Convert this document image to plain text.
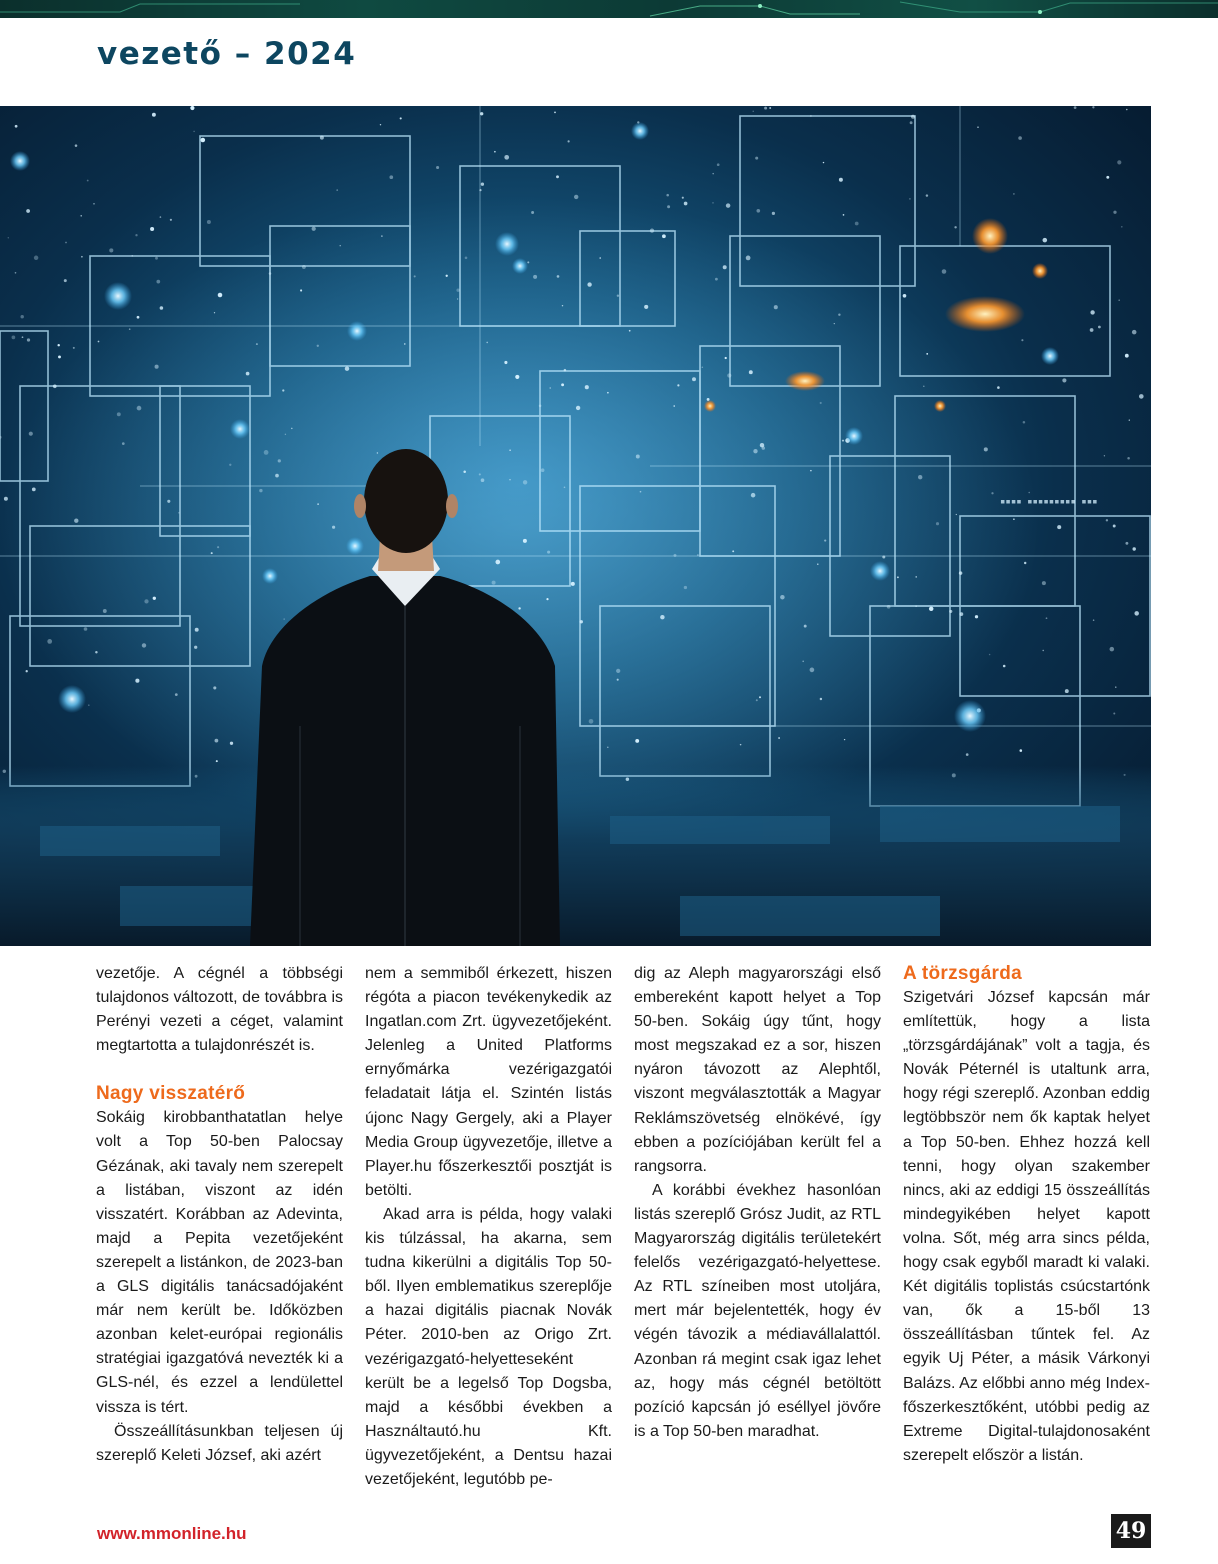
vezető – 2024
▪▪▪▪ ▪▪▪▪▪▪▪▪▪ ▪▪▪

vezetője. A cégnél a többségi tulajdonos változott, de továbbra is Perényi vezeti a céget, valamint megtartotta a tulajdonrészét is.

Nagy visszatérő

Sokáig kirobbanthatatlan helye volt a Top 50-ben Palocsay Gézának, aki tavaly nem szerepelt a listában, viszont az idén visszatért. Korábban az Adevinta, majd a Pepita vezetőjeként szerepelt a listánkon, de 2023-ban a GLS digitális tanácsadójaként már nem került be. Időközben azonban kelet-európai regionális stratégiai igazgatóvá nevezték ki a GLS-nél, és ezzel a lendülettel vissza is tért.

Összeállításunkban teljesen új szereplő Keleti József, aki azért

nem a semmiből érkezett, hiszen régóta a piacon tevékenykedik az Ingatlan.com Zrt. ügyvezetőjeként. Jelenleg a United Platforms ernyőmárka vezérigazgatói feladatait látja el. Szintén listás újonc Nagy Gergely, aki a Player Media Group ügyvezetője, illetve a Player.hu főszerkesztői posztját is betölti.

Akad arra is példa, hogy valaki kis túlzással, ha akarna, sem tudna kikerülni a digitális Top 50-ből. Ilyen emblematikus szereplője a hazai digitális piacnak Novák Péter. 2010-ben az Origo Zrt. vezérigazgató-helyetteseként került be a legelső Top Dogsba, majd a későbbi években a Használtautó.hu Kft. ügyvezetőjeként, a Dentsu hazai vezetőjeként, legutóbb pe-

dig az Aleph magyarországi első embereként kapott helyet a Top 50-ben. Sokáig úgy tűnt, hogy most megszakad ez a sor, hiszen nyáron távozott az Alephtől, viszont megválasztották a Magyar Reklámszövetség elnökévé, így ebben a pozíciójában került fel a rangsorra.

A korábbi évekhez hasonlóan listás szereplő Grósz Judit, az RTL Magyarország digitális területekért felelős vezérigazgató-helyettese. Az RTL színeiben most utoljára, mert már bejelentették, hogy év végén távozik a médiavállalattól. Azonban rá megint csak igaz lehet az, hogy más cégnél betöltött pozíció kapcsán jó eséllyel jövőre is a Top 50-ben maradhat.

A törzsgárda

Szigetvári József kapcsán már említettük, hogy a lista „törzsgárdájának” volt a tagja, és Novák Péternél is utaltunk arra, hogy régi szereplő. Azonban eddig legtöbbször nem ők kaptak helyet a Top 50-ben. Ehhez hozzá kell tenni, hogy olyan szakember nincs, aki az eddigi 15 összeállítás mindegyikében helyet kapott volna. Sőt, még arra sincs példa, hogy csak egyből maradt ki valaki. Két digitális toplistás csúcstartónk van, ők a 15-ből 13 összeállításban tűntek fel. Az egyik Uj Péter, a másik Várkonyi Balázs. Az előbbi anno még Index-főszerkesztőként, utóbbi pedig az Extreme Digital-tulajdonosaként szerepelt először a listán.

www.mmonline.hu	49
